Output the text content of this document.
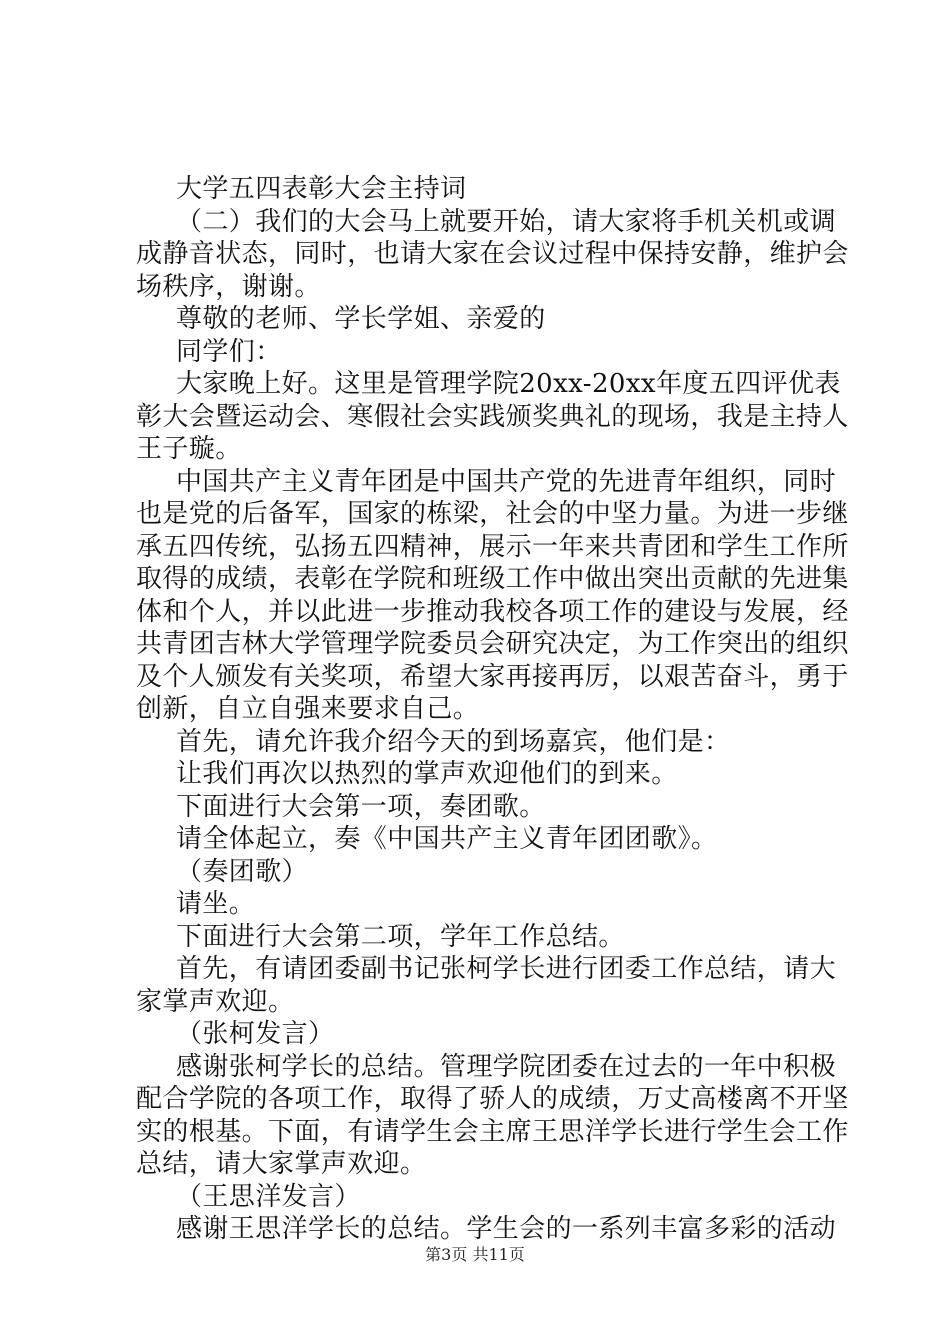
大学五四表彰大会主持词
（二）我们的大会马上就要开始，请大家将手机关机或调
成静音状态，同时，也请大家在会议过程中保持安静，维护会
场秩序，谢谢。
尊敬的老师、学长学姐、亲爱的
同学们：
大家晚上好。这里是管理学院20xx-20xx年度五四评优表
彰大会暨运动会、寒假社会实践颁奖典礼的现场，我是主持人
王子璇。
中国共产主义青年团是中国共产党的先进青年组织，同时
也是党的后备军，国家的栋梁，社会的中坚力量。为进一步继
承五四传统，弘扬五四精神，展示一年来共青团和学生工作所
取得的成绩，表彰在学院和班级工作中做出突出贡献的先进集
体和个人，并以此进一步推动我校各项工作的建设与发展，经
共青团吉林大学管理学院委员会研究决定，为工作突出的组织
及个人颁发有关奖项，希望大家再接再厉，以艰苦奋斗，勇于
创新，自立自强来要求自己。
首先，请允许我介绍今天的到场嘉宾，他们是：
让我们再次以热烈的掌声欢迎他们的到来。
下面进行大会第一项，奏团歌。
请全体起立，奏《中国共产主义青年团团歌》。
（奏团歌）
请坐。
下面进行大会第二项，学年工作总结。
首先，有请团委副书记张柯学长进行团委工作总结，请大
家掌声欢迎。
（张柯发言）
感谢张柯学长的总结。管理学院团委在过去的一年中积极
配合学院的各项工作，取得了骄人的成绩，万丈高楼离不开坚
实的根基。下面，有请学生会主席王思洋学长进行学生会工作
总结，请大家掌声欢迎。
（王思洋发言）
感谢王思洋学长的总结。学生会的一系列丰富多彩的活动
第3页 共11页
